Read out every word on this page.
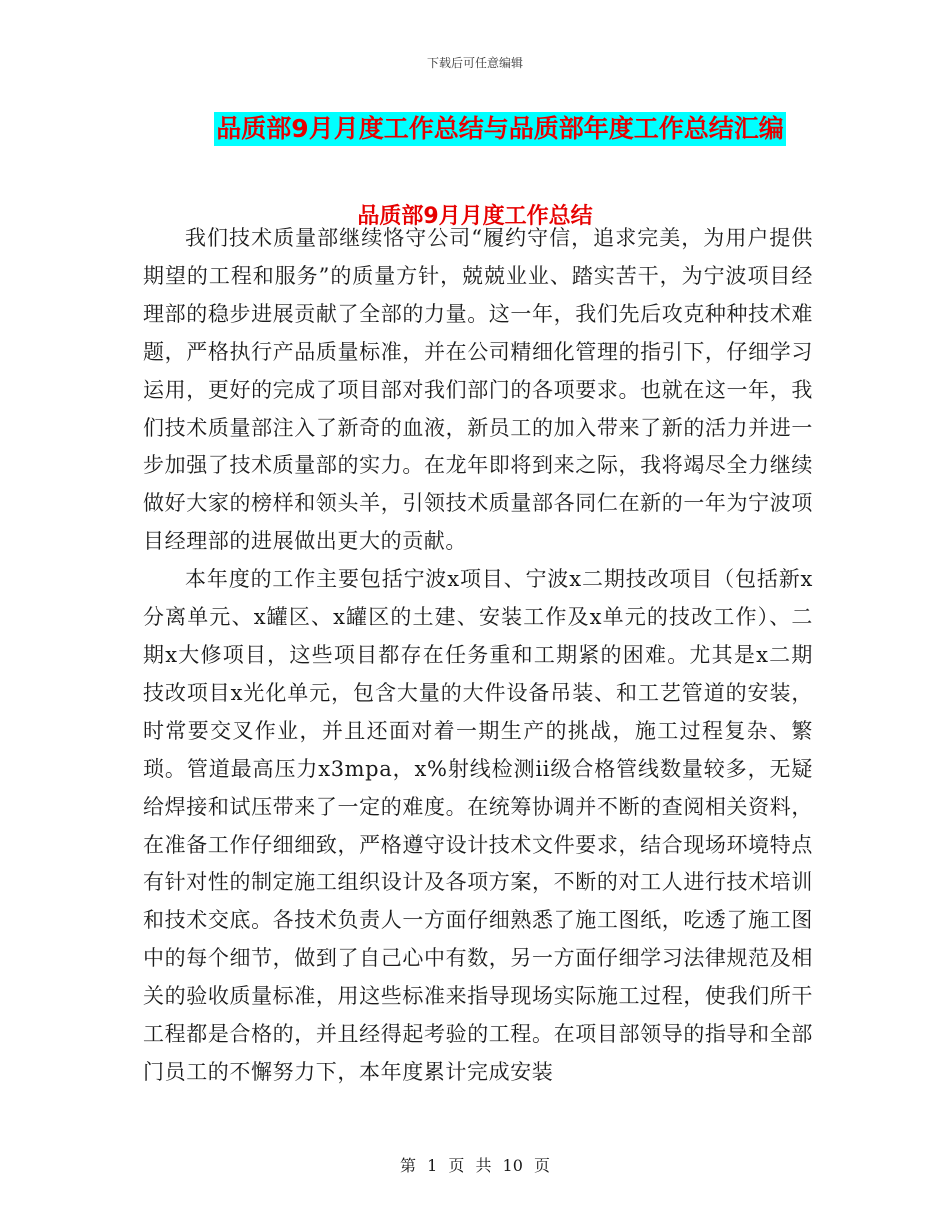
下载后可任意编辑
品质部9月月度工作总结与品质部年度工作总结汇编
品质部9月月度工作总结

我们技术质量部继续恪守公司“履约守信，追求完美，为用户提供期望的工程和服务”的质量方针，兢兢业业、踏实苦干，为宁波项目经理部的稳步进展贡献了全部的力量。这一年，我们先后攻克种种技术难题，严格执行产品质量标准，并在公司精细化管理的指引下，仔细学习运用，更好的完成了项目部对我们部门的各项要求。也就在这一年，我们技术质量部注入了新奇的血液，新员工的加入带来了新的活力并进一步加强了技术质量部的实力。在龙年即将到来之际，我将竭尽全力继续做好大家的榜样和领头羊，引领技术质量部各同仁在新的一年为宁波项目经理部的进展做出更大的贡献。

本年度的工作主要包括宁波x项目、宁波x二期技改项目（包括新x分离单元、x罐区、x罐区的土建、安装工作及x单元的技改工作）、二期x大修项目，这些项目都存在任务重和工期紧的困难。尤其是x二期技改项目x光化单元，包含大量的大件设备吊装、和工艺管道的安装，时常要交叉作业，并且还面对着一期生产的挑战，施工过程复杂、繁琐。管道最高压力x3mpa，x%射线检测ii级合格管线数量较多，无疑给焊接和试压带来了一定的难度。在统筹协调并不断的查阅相关资料，在准备工作仔细细致，严格遵守设计技术文件要求，结合现场环境特点有针对性的制定施工组织设计及各项方案，不断的对工人进行技术培训和技术交底。各技术负责人一方面仔细熟悉了施工图纸，吃透了施工图中的每个细节，做到了自己心中有数，另一方面仔细学习法律规范及相关的验收质量标准，用这些标准来指导现场实际施工过程，使我们所干工程都是合格的，并且经得起考验的工程。在项目部领导的指导和全部门员工的不懈努力下，本年度累计完成安装

第 1 页 共 10 页
